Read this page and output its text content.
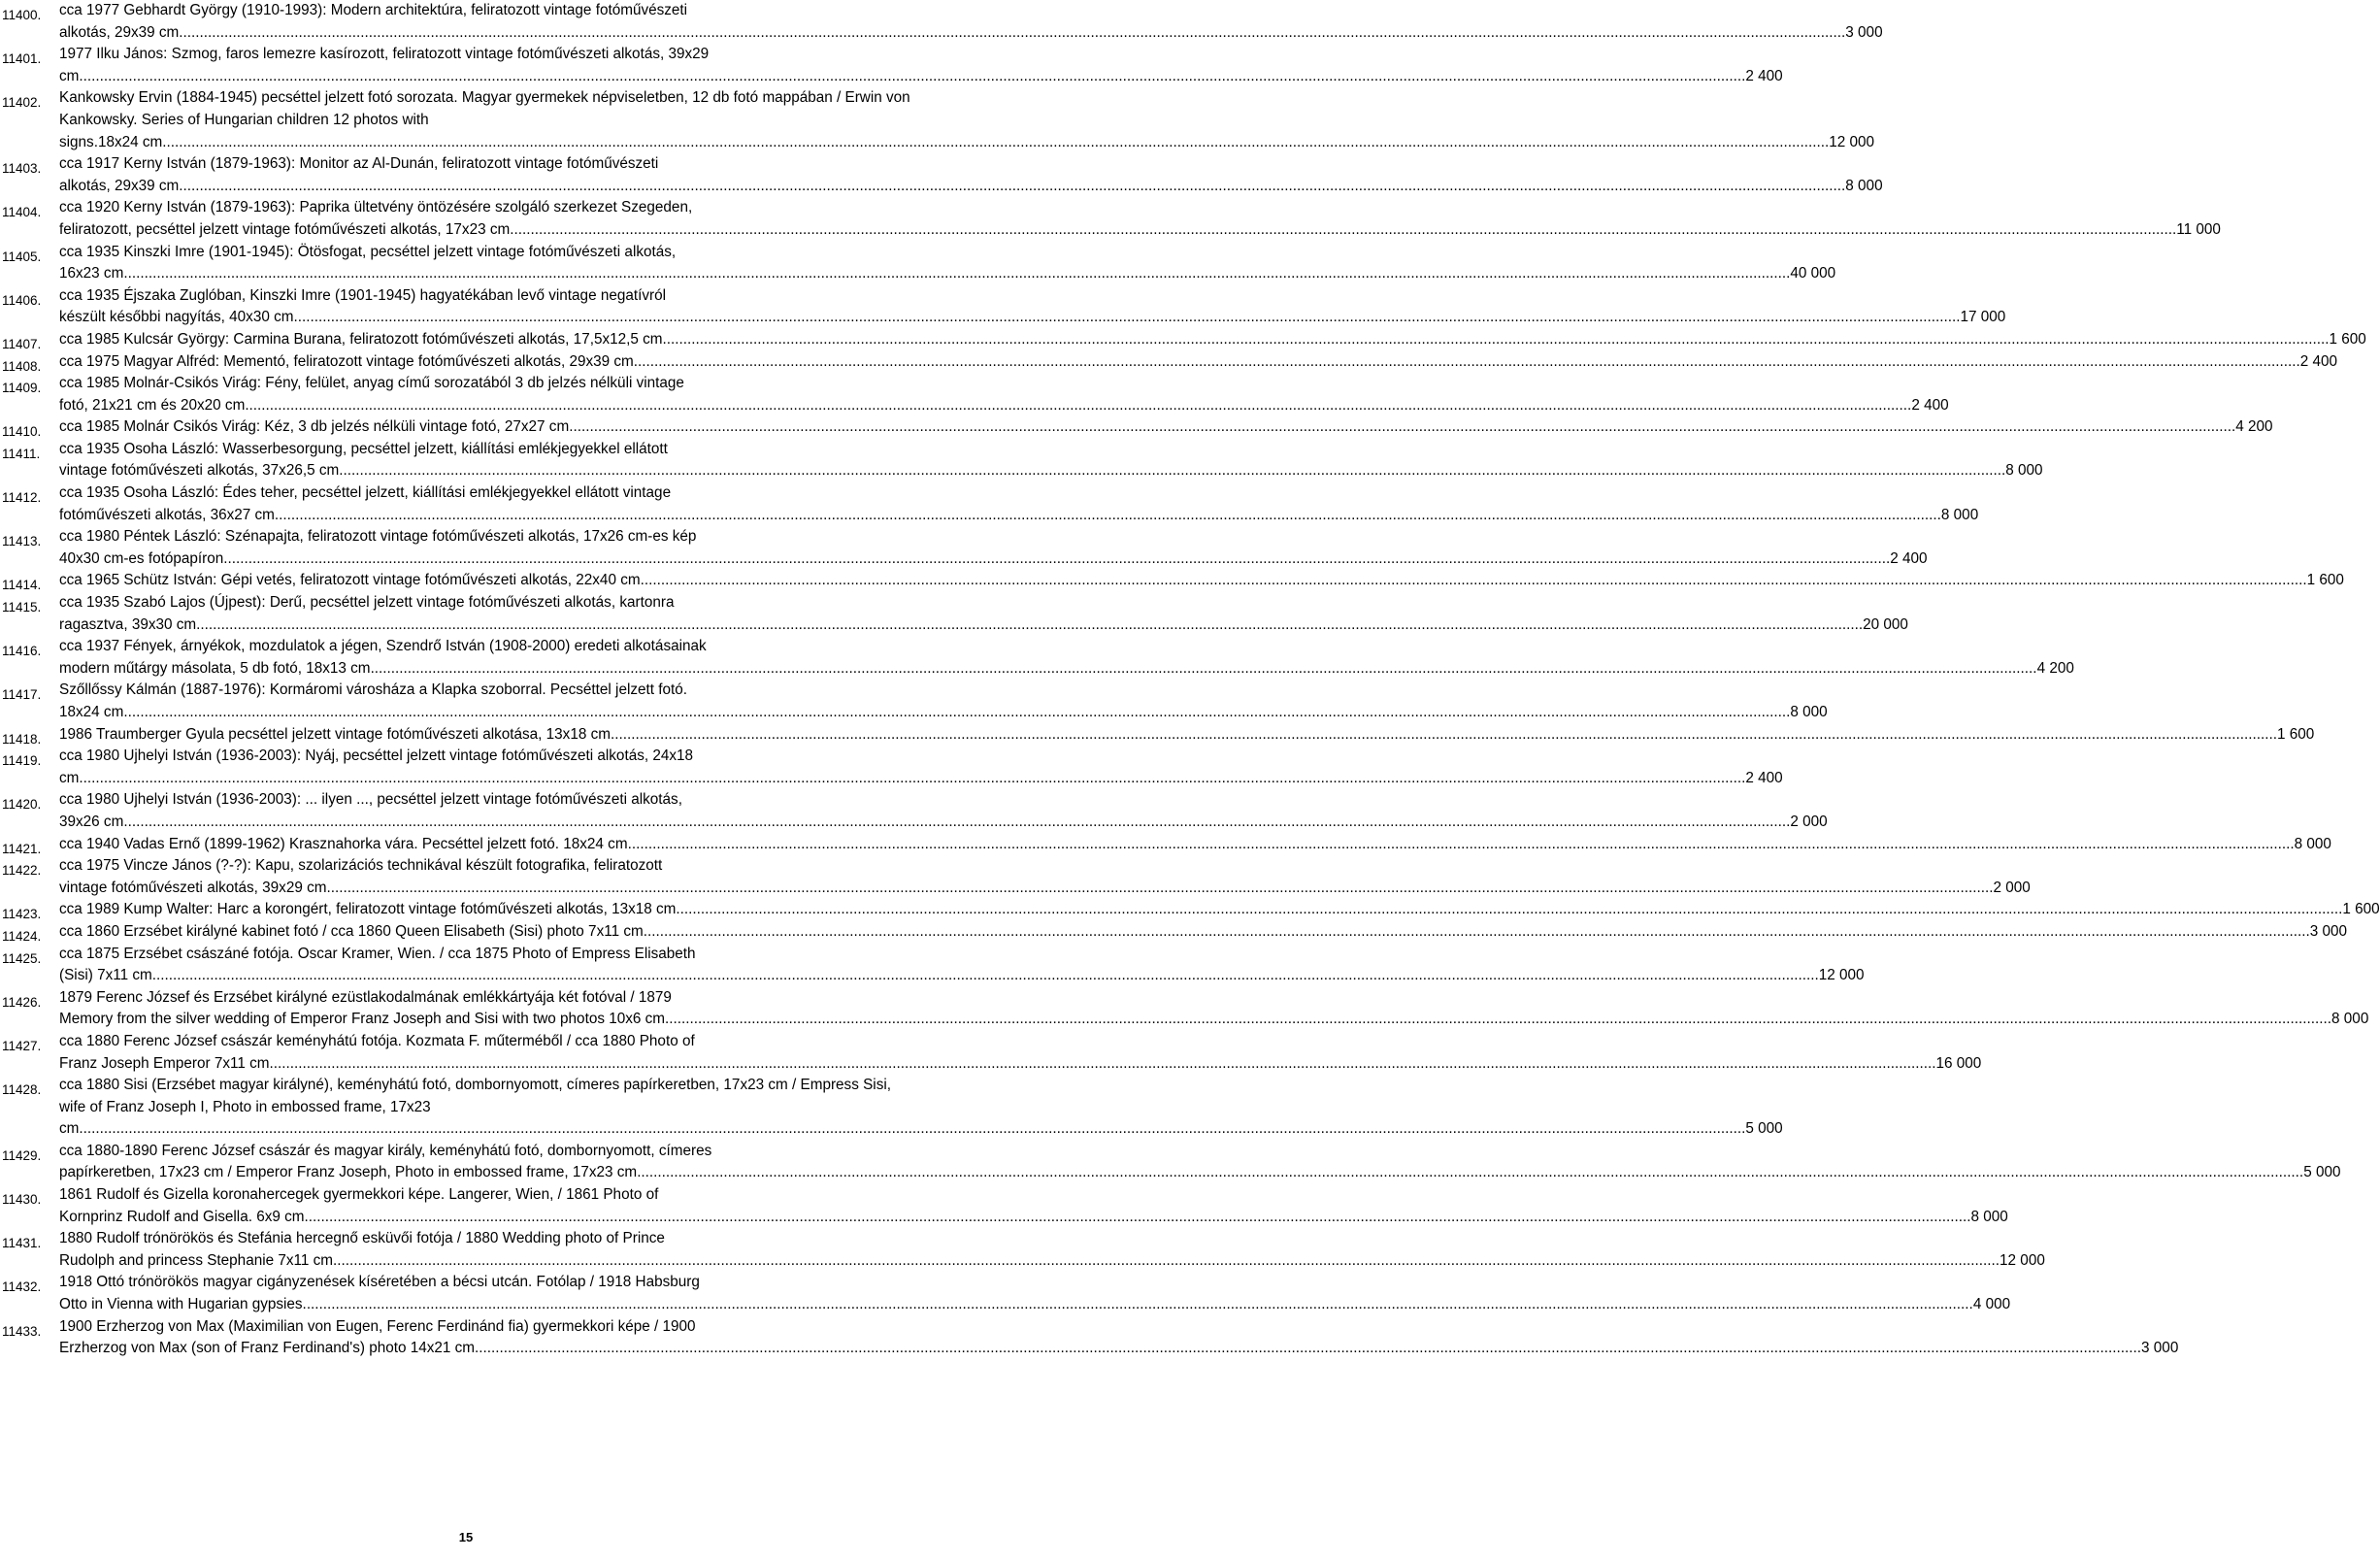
11400. cca 1977 Gebhardt György (1910-1993): Modern architektúra, feliratozott vintage fotóművészeti
alkotás, 29x39 cm .....	3 000
11401. 1977 Ilku János: Szmog, faros lemezre kasírozott, feliratozott vintage fotóművészeti alkotás, 39x29
cm .....	2 400
11402. Kankowsky Ervin (1884-1945) pecséttel jelzett fotó sorozata. Magyar gyermekek népviseletben, 12 db fotó mappában / Erwin von Kankowsky. Series of Hungarian children 12 photos with
signs.18x24 cm .....	12 000
11403. cca 1917 Kerny István (1879-1963): Monitor az Al-Dunán, feliratozott vintage fotóművészeti
alkotás, 29x39 cm .....	8 000
11404. cca 1920 Kerny István (1879-1963): Paprika ültetvény öntözésére szolgáló szerkezet Szegeden,
feliratozott, pecséttel jelzett vintage fotóművészeti alkotás, 17x23 cm .....	11 000
11405. cca 1935 Kinszki Imre (1901-1945): Ötösfogat, pecséttel jelzett vintage fotóművészeti alkotás,
16x23 cm .....	40 000
11406. cca 1935 Éjszaka Zuglóban, Kinszki Imre (1901-1945) hagyatékában levő vintage negatívról
készült későbbi nagyítás, 40x30 cm .....	17 000
11407. cca 1985 Kulcsár György: Carmina Burana, feliratozott fotóművészeti alkotás, 17,5x12,5 cm .....	1 600
11408. cca 1975 Magyar Alfréd: Mementó, feliratozott vintage fotóművészeti alkotás, 29x39 cm .....	2 400
11409. cca 1985 Molnár-Csikós Virág: Fény, felület, anyag című sorozatából 3 db jelzés nélküli vintage
fotó, 21x21 cm és 20x20 cm .....	2 400
11410. cca 1985 Molnár Csikós Virág: Kéz, 3 db jelzés nélküli vintage fotó, 27x27 cm .....	4 200
11411. cca 1935 Osoha László: Wasserbesorgung, pecséttel jelzett, kiállítási emlékjegyekkel ellátott
vintage fotóművészeti alkotás, 37x26,5 cm .....	8 000
11412. cca 1935 Osoha László: Édes teher, pecséttel jelzett, kiállítási emlékjegyekkel ellátott vintage
fotóművészeti alkotás, 36x27 cm .....	8 000
11413. cca 1980 Péntek László: Szénapajta, feliratozott vintage fotóművészeti alkotás, 17x26 cm-es kép
40x30 cm-es fotópapíron .....	2 400
11414. cca 1965 Schütz István: Gépi vetés, feliratozott vintage fotóművészeti alkotás, 22x40 cm .....	1 600
11415. cca 1935 Szabó Lajos (Újpest): Derű, pecséttel jelzett vintage fotóművészeti alkotás, kartonra
ragasztva, 39x30 cm .....	20 000
11416. cca 1937 Fények, árnyékok, mozdulatok a jégen, Szendrő István (1908-2000) eredeti alkotásainak
modern műtárgy másolata, 5 db fotó, 18x13 cm .....	4 200
11417. Szőllőssy Kálmán (1887-1976): Kormáromi városháza a Klapka szoborral. Pecséttel jelzett fotó.
18x24 cm .....	8 000
11418. 1986 Traumberger Gyula pecséttel jelzett vintage fotóművészeti alkotása, 13x18 cm .....	1 600
11419. cca 1980 Ujhelyi István (1936-2003): Nyáj, pecséttel jelzett vintage fotóművészeti alkotás, 24x18
cm .....	2 400
11420. cca 1980 Ujhelyi István (1936-2003): ... ilyen ..., pecséttel jelzett vintage fotóművészeti alkotás,
39x26 cm .....	2 000
11421. cca 1940 Vadas Ernő (1899-1962) Krasznahorka vára. Pecséttel jelzett fotó. 18x24 cm .....	8 000
11422. cca 1975 Vincze János (?-?): Kapu, szolarizációs technikával készült fotografika, feliratozott
vintage fotóművészeti alkotás, 39x29 cm .....	2 000
11423. cca 1989 Kump Walter: Harc a korongért, feliratozott vintage fotóművészeti alkotás, 13x18 cm .....	1 600
11424. cca 1860 Erzsébet királyné kabinet fotó / cca 1860 Queen Elisabeth (Sisi) photo 7x11 cm .....	3 000
11425. cca 1875 Erzsébet császáné fotója. Oscar Kramer, Wien. / cca 1875 Photo of Empress Elisabeth
(Sisi) 7x11 cm .....	12 000
11426. 1879 Ferenc József és Erzsébet királyné ezüstlakodalmának emlékkártyája két fotóval / 1879
Memory from the silver wedding of Emperor Franz Joseph and Sisi with two photos 10x6 cm .....	8 000
11427. cca 1880 Ferenc József császár keményhátú fotója. Kozmata F. műterméből / cca 1880 Photo of
Franz Joseph Emperor 7x11 cm .....	16 000
11428. cca 1880 Sisi (Erzsébet magyar királyné), keményhátú fotó, dombornyomott, címeres papírkeretben, 17x23 cm / Empress Sisi, wife of Franz Joseph I, Photo in embossed frame, 17x23
cm .....	5 000
11429. cca 1880-1890 Ferenc József császár és magyar király, keményhátú fotó, dombornyomott, címeres
papírkeretben, 17x23 cm / Emperor Franz Joseph, Photo in embossed frame, 17x23 cm .....	5 000
11430. 1861 Rudolf és Gizella koronahercegek gyermekkori képe. Langerer, Wien, / 1861 Photo of
Kornprinz Rudolf and Gisella. 6x9 cm .....	8 000
11431. 1880 Rudolf trónörökös és Stefánia hercegnő esküvői fotója / 1880 Wedding photo of Prince
Rudolph and princess Stephanie 7x11 cm .....	12 000
11432. 1918 Ottó trónörökös magyar cigányzenések kíséretében a bécsi utcán. Fotólap / 1918 Habsburg
Otto in Vienna with Hugarian gypsies. .....	4 000
11433. 1900 Erzherzog von Max (Maximilian von Eugen, Ferenc Ferdinánd fia) gyermekkori képe / 1900
Erzherzog von Max (son of Franz Ferdinand's) photo 14x21 cm .....	3 000
15
